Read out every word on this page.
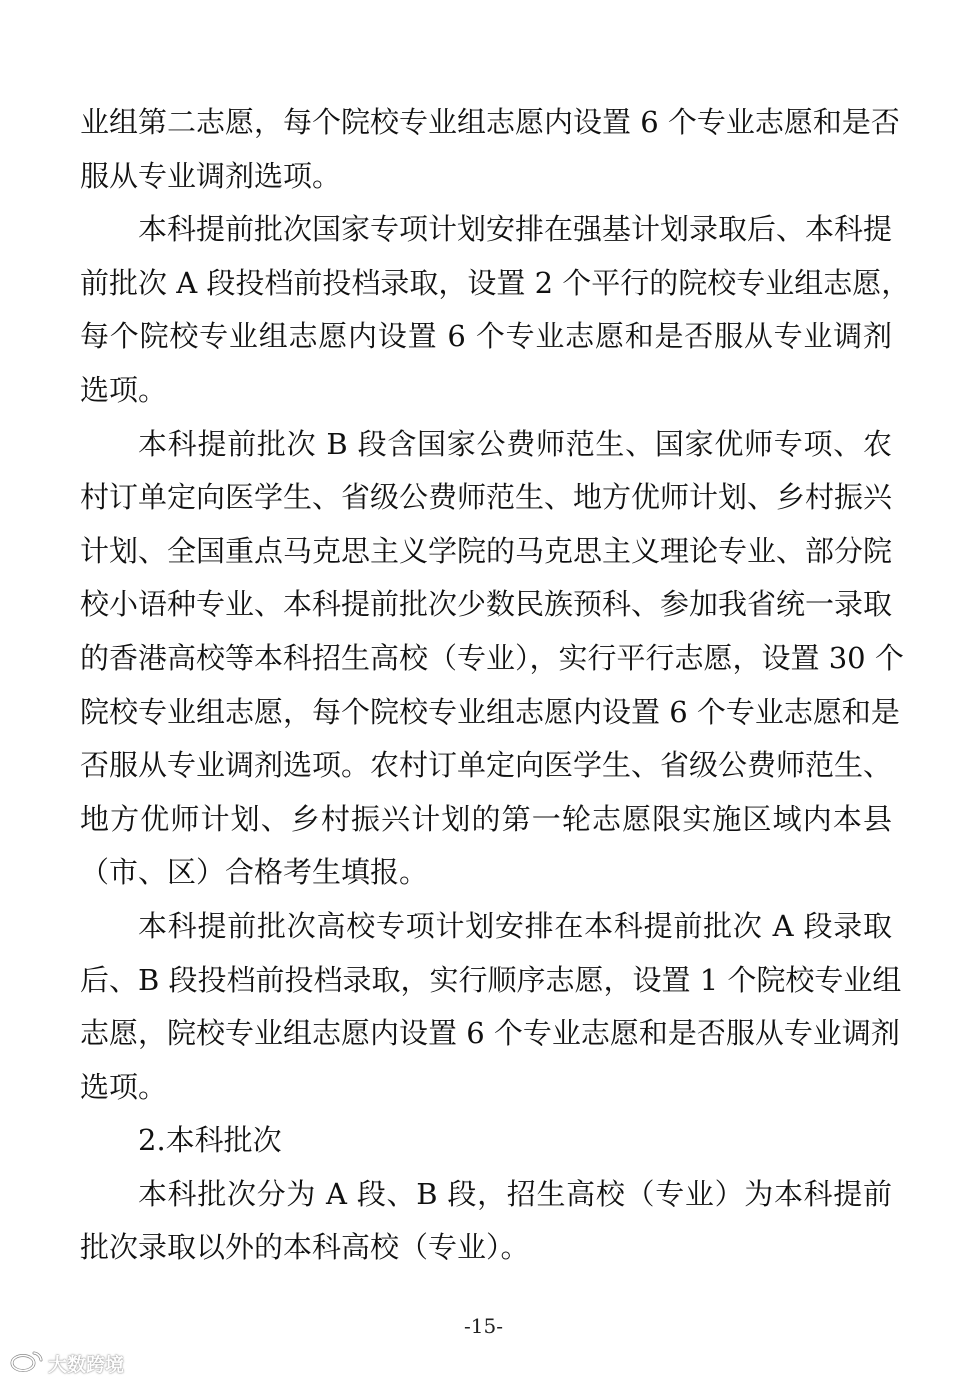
业组第二志愿，每个院校专业组志愿内设置 6 个专业志愿和是否
服从专业调剂选项。
本科提前批次国家专项计划安排在强基计划录取后、本科提
前批次 A 段投档前投档录取，设置 2 个平行的院校专业组志愿，
每个院校专业组志愿内设置 6 个专业志愿和是否服从专业调剂
选项。
本科提前批次 B 段含国家公费师范生、国家优师专项、农
村订单定向医学生、省级公费师范生、地方优师计划、乡村振兴
计划、全国重点马克思主义学院的马克思主义理论专业、部分院
校小语种专业、本科提前批次少数民族预科、参加我省统一录取
的香港高校等本科招生高校（专业），实行平行志愿，设置 30 个
院校专业组志愿，每个院校专业组志愿内设置 6 个专业志愿和是
否服从专业调剂选项。农村订单定向医学生、省级公费师范生、
地方优师计划、乡村振兴计划的第一轮志愿限实施区域内本县
（市、区）合格考生填报。
本科提前批次高校专项计划安排在本科提前批次 A 段录取
后、B 段投档前投档录取，实行顺序志愿，设置 1 个院校专业组
志愿，院校专业组志愿内设置 6 个专业志愿和是否服从专业调剂
选项。
2.本科批次
本科批次分为 A 段、B 段，招生高校（专业）为本科提前
批次录取以外的本科高校（专业）。
-15-
大数跨境
